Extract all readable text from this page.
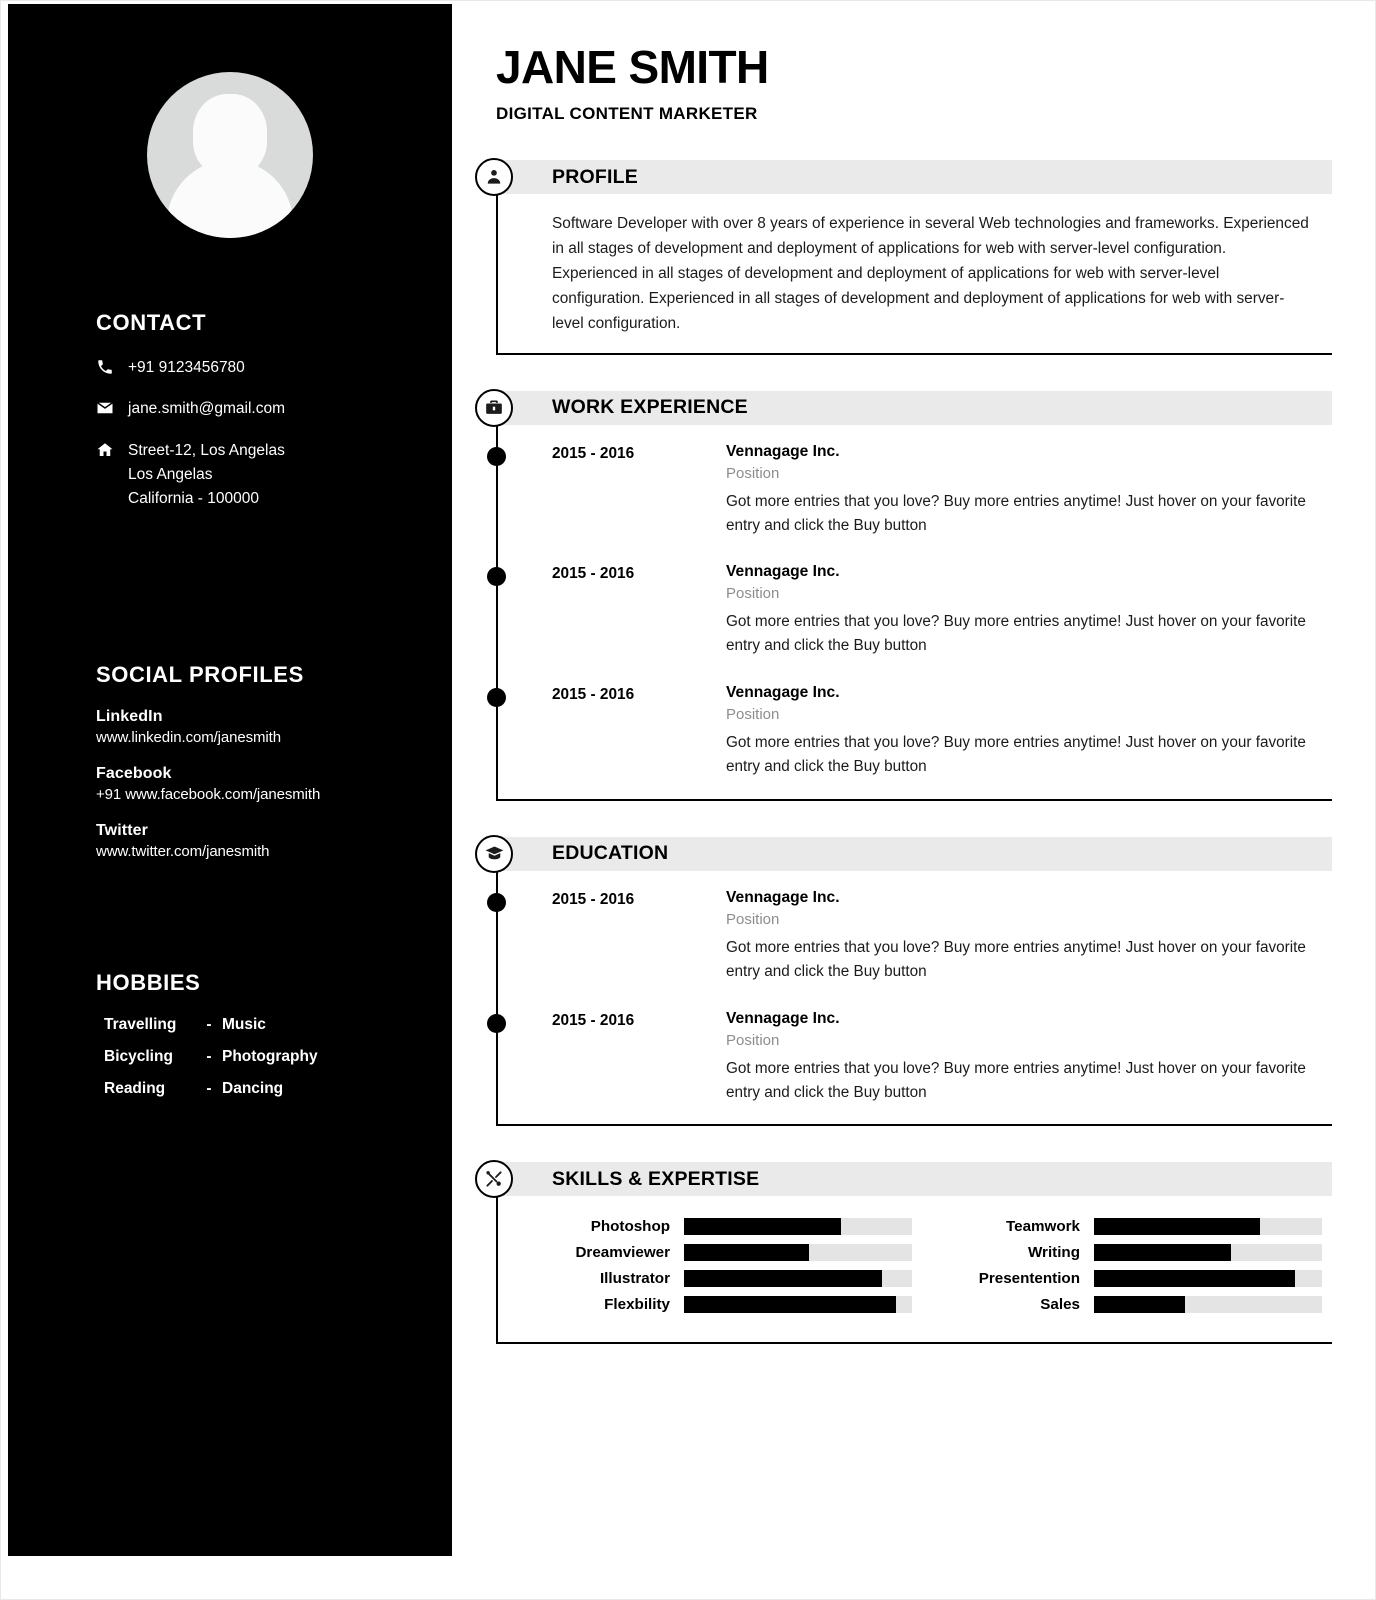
CONTACT
+91 9123456780
jane.smith@gmail.com
Street-12, Los Angelas
Los Angelas
California - 100000
SOCIAL PROFILES
LinkedIn
www.linkedin.com/janesmith
Facebook
+91 www.facebook.com/janesmith
Twitter
www.twitter.com/janesmith
HOBBIES
Travelling	- Music
Bicycling	- Photography
Reading	- Dancing
JANE SMITH
DIGITAL CONTENT MARKETER
PROFILE

Software Developer with over 8 years of experience in several Web technologies and frameworks. Experienced in all stages of development and deployment of applications for web with server-level configuration. Experienced in all stages of development and deployment of applications for web with server-level configuration. Experienced in all stages of development and deployment of applications for web with server-level configuration.

WORK EXPERIENCE
2015 - 2016	Vennagage Inc.
Position
Got more entries that you love? Buy more entries anytime! Just hover on your favorite entry and click the Buy button
2015 - 2016	Vennagage Inc.
Position
Got more entries that you love? Buy more entries anytime! Just hover on your favorite entry and click the Buy button
2015 - 2016	Vennagage Inc.
Position
Got more entries that you love? Buy more entries anytime! Just hover on your favorite entry and click the Buy button
EDUCATION
2015 - 2016	Vennagage Inc.
Position
Got more entries that you love? Buy more entries anytime! Just hover on your favorite entry and click the Buy button
2015 - 2016	Vennagage Inc.
Position
Got more entries that you love? Buy more entries anytime! Just hover on your favorite entry and click the Buy button
SKILLS & EXPERTISE
Photoshop
Dreamviewer
Illustrator
Flexbility
Teamwork
Writing
Presentention
Sales
